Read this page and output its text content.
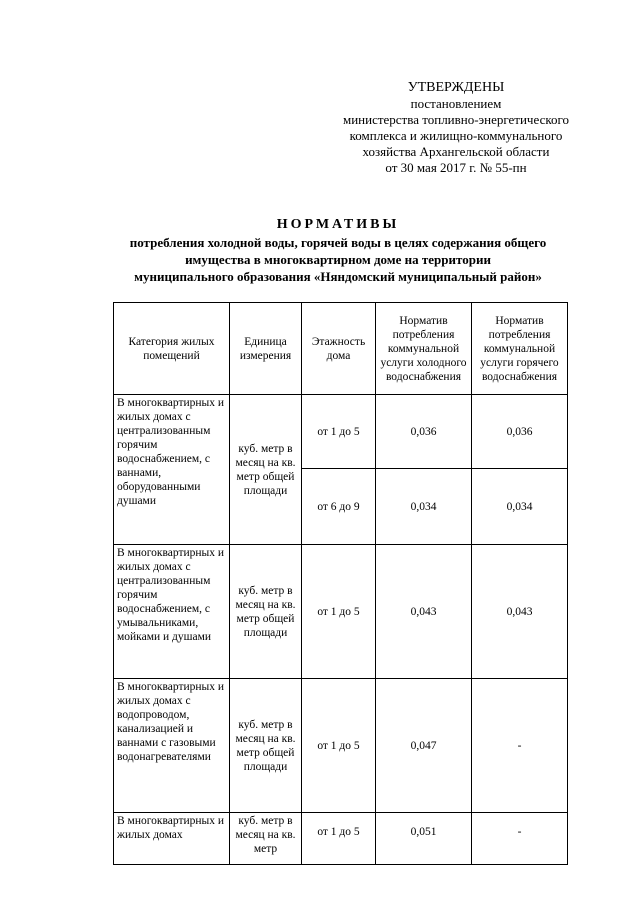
УТВЕРЖДЕНЫ
постановлением
министерства топливно-энергетического
комплекса и жилищно-коммунального
хозяйства Архангельской области
от 30 мая 2017 г. № 55-пн
НОРМАТИВЫ
потребления холодной воды, горячей воды в целях содержания общего
имущества в многоквартирном доме на территории
муниципального образования «Няндомский муниципальный район»
Категория жилых помещений	Единица измерения	Этажность дома	Норматив потребления коммунальной услуги холодного водоснабжения	Норматив потребления коммунальной услуги горячего водоснабжения
В многоквартирных и жилых домах с централизованным горячим водоснабжением, с ваннами, оборудованными душами	куб. метр в месяц на кв. метр общей площади	от 1 до 5	0,036	0,036
		от 6 до 9	0,034	0,034
В многоквартирных и жилых домах с централизованным горячим водоснабжением, с умывальниками, мойками и душами	куб. метр в месяц на кв. метр общей площади	от 1 до 5	0,043	0,043
В многоквартирных и жилых домах с водопроводом, канализацией и ваннами с газовыми водонагревателями	куб. метр в месяц на кв. метр общей площади	от 1 до 5	0,047	-
В многоквартирных и жилых домах	куб. метр в месяц на кв. метр	от 1 до 5	0,051	-
